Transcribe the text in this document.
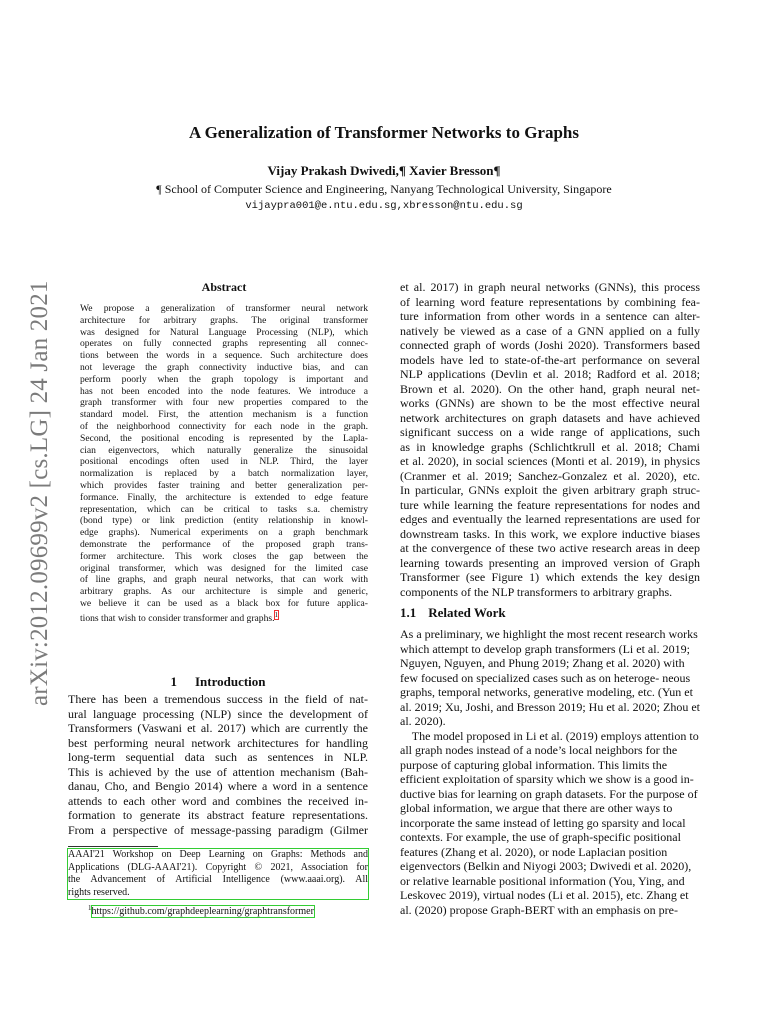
A Generalization of Transformer Networks to Graphs
Vijay Prakash Dwivedi,¶ Xavier Bresson¶
¶ School of Computer Science and Engineering, Nanyang Technological University, Singapore
vijaypra001@e.ntu.edu.sg,xbresson@ntu.edu.sg
arXiv:2012.09699v2 [cs.LG] 24 Jan 2021	Abstract
We propose a generalization of transformer neural network
architecture for arbitrary graphs. The original transformer
was designed for Natural Language Processing (NLP), which
operates on fully connected graphs representing all connec-
tions between the words in a sequence. Such architecture does
not leverage the graph connectivity inductive bias, and can
perform poorly when the graph topology is important and
has not been encoded into the node features. We introduce a
graph transformer with four new properties compared to the
standard model. First, the attention mechanism is a function
of the neighborhood connectivity for each node in the graph.
Second, the positional encoding is represented by the Lapla-
cian eigenvectors, which naturally generalize the sinusoidal
positional encodings often used in NLP. Third, the layer
normalization is replaced by a batch normalization layer,
which provides faster training and better generalization per-
formance. Finally, the architecture is extended to edge feature
representation, which can be critical to tasks s.a. chemistry
(bond type) or link prediction (entity relationship in knowl-
edge graphs). Numerical experiments on a graph benchmark
demonstrate the performance of the proposed graph trans-
former architecture. This work closes the gap between the
original transformer, which was designed for the limited case
of line graphs, and graph neural networks, that can work with
arbitrary graphs. As our architecture is simple and generic,
we believe it can be used as a black box for future applica-
tions that wish to consider transformer and graphs.$^1$
1 Introduction
There has been a tremendous success in the field of nat-
ural language processing (NLP) since the development of
Transformers (Vaswani et al. 2017) which are currently the
best performing neural network architectures for handling
long-term sequential data such as sentences in NLP.
This is achieved by the use of attention mechanism (Bah-
danau, Cho, and Bengio 2014) where a word in a sentence
attends to each other word and combines the received in-
formation to generate its abstract feature representations.
From a perspective of message-passing paradigm (Gilmer
AAAI'21 Workshop on Deep Learning on Graphs: Methods and
Applications (DLG-AAAI'21). Copyright © 2021, Association for
the Advancement of Artificial Intelligence (www.aaai.org). All
rights reserved.
$^1$https://github.com/graphdeeplearning/graphtransformer
et al. 2017) in graph neural networks (GNNs), this process
of learning word feature representations by combining fea-
ture information from other words in a sentence can alter-
natively be viewed as a case of a GNN applied on a fully
connected graph of words (Joshi 2020). Transformers based
models have led to state-of-the-art performance on several
NLP applications (Devlin et al. 2018; Radford et al. 2018;
Brown et al. 2020). On the other hand, graph neural net-
works (GNNs) are shown to be the most effective neural
network architectures on graph datasets and have achieved
significant success on a wide range of applications, such
as in knowledge graphs (Schlichtkrull et al. 2018; Chami
et al. 2020), in social sciences (Monti et al. 2019), in physics
(Cranmer et al. 2019; Sanchez-Gonzalez et al. 2020), etc.
In particular, GNNs exploit the given arbitrary graph struc-
ture while learning the feature representations for nodes and
edges and eventually the learned representations are used for
downstream tasks. In this work, we explore inductive biases
at the convergence of these two active research areas in deep
learning towards presenting an improved version of Graph
Transformer (see Figure 1) which extends the key design
components of the NLP transformers to arbitrary graphs.
1.1 Related Work
As a preliminary, we highlight the most recent research works which attempt to develop graph transformers (Li et al. 2019; Nguyen, Nguyen, and Phung 2019; Zhang et al. 2020) with few focused on specialized cases such as on heteroge- neous graphs, temporal networks, generative modeling, etc. (Yun et al. 2019; Xu, Joshi, and Bresson 2019; Hu et al. 2020; Zhou et al. 2020).     The model proposed in Li et al. (2019) employs attention to all graph nodes instead of a node’s local neighbors for the purpose of capturing global information. This limits the efficient exploitation of sparsity which we show is a good in- ductive bias for learning on graph datasets. For the purpose of global information, we argue that there are other ways to incorporate the same instead of letting go sparsity and local contexts. For example, the use of graph-specific positional features (Zhang et al. 2020), or node Laplacian position eigenvectors (Belkin and Niyogi 2003; Dwivedi et al. 2020), or relative learnable positional information (You, Ying, and Leskovec 2019), virtual nodes (Li et al. 2015), etc. Zhang et al. (2020) propose Graph-BERT with an emphasis on pre-
